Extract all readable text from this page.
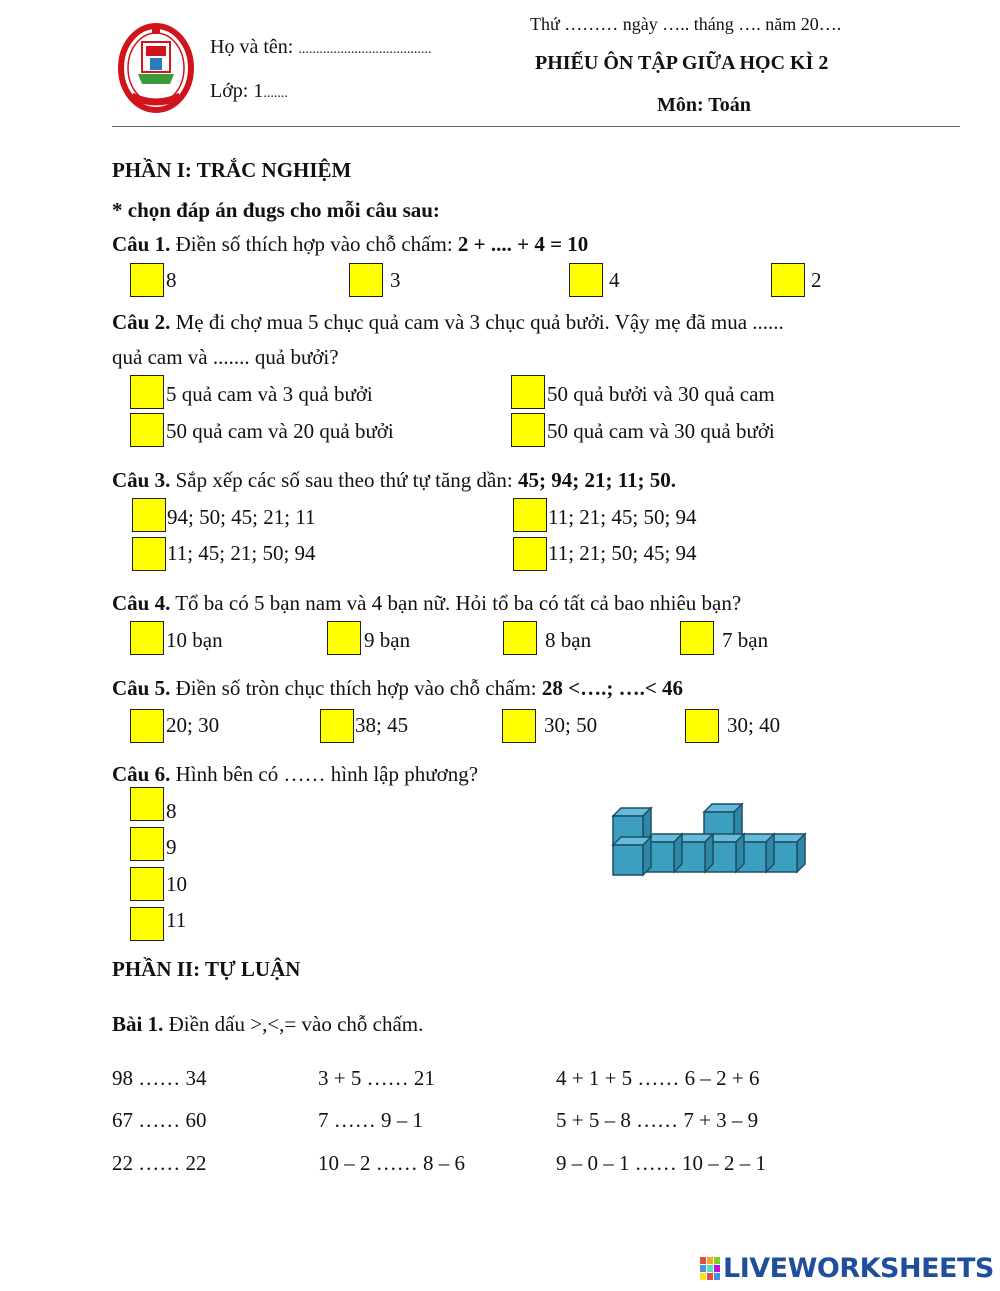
Họ và tên: ......................................
Lớp: 1.......
Thứ ……… ngày ….. tháng …. năm 20….
PHIẾU ÔN TẬP GIỮA HỌC KÌ 2
Môn: Toán
PHẦN I: TRẮC NGHIỆM
* chọn đáp án đugs cho mỗi câu sau:
Câu 1. Điền số thích hợp vào chỗ chấm: 2 + .... + 4 = 10
8	3	4	2
Câu 2. Mẹ đi chợ mua 5 chục quả cam và 3 chục quả bưởi. Vậy mẹ đã mua ......
quả cam và ....... quả bưởi?
5 quả cam và 3 quả bưởi	50 quả bưởi và 30 quả cam
50 quả cam và 20 quả bưởi	50 quả cam và 30 quả bưởi
Câu 3. Sắp xếp các số sau theo thứ tự tăng dần: 45; 94; 21; 11; 50.
94; 50; 45; 21; 11	11; 21; 45; 50; 94
11; 45; 21; 50; 94	11; 21; 50; 45; 94
Câu 4. Tổ ba có 5 bạn nam và 4 bạn nữ. Hỏi tổ ba có tất cả bao nhiêu bạn?
10 bạn	9 bạn	8 bạn	7 bạn
Câu 5. Điền số tròn chục thích hợp vào chỗ chấm: 28 <….; ….< 46
20; 30	38; 45	30; 50	30; 40
Câu 6. Hình bên có …… hình lập phương?
8
9
10
11
PHẦN II: TỰ LUẬN
Bài 1. Điền dấu >,<,= vào chỗ chấm.
98 …… 34	3 + 5 …… 21	4 + 1 + 5 …… 6 – 2 + 6
67 …… 60	7 …… 9 – 1	5 + 5 – 8 …… 7 + 3 – 9
22 …… 22	10 – 2 …… 8 – 6	9 – 0 – 1 …… 10 – 2 – 1
LIVEWORKSHEETS
